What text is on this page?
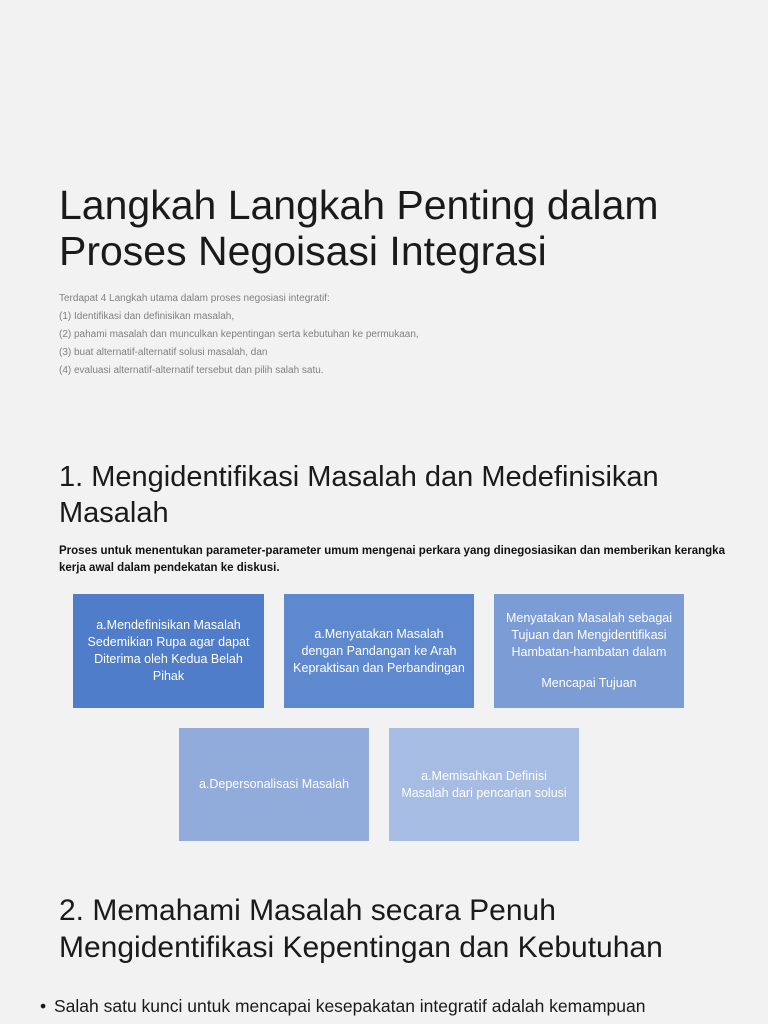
Langkah Langkah Penting dalam Proses Negoisasi Integrasi
Terdapat 4 Langkah utama dalam proses negosiasi integratif:
(1) Identifikasi dan definisikan masalah,
(2) pahami masalah dan munculkan kepentingan serta kebutuhan ke permukaan,
(3) buat alternatif-alternatif solusi masalah, dan
(4) evaluasi alternatif-alternatif tersebut dan pilih salah satu.
1. Mengidentifikasi Masalah dan Medefinisikan Masalah
Proses untuk menentukan parameter-parameter umum mengenai perkara yang dinegosiasikan dan memberikan kerangka kerja awal dalam pendekatan ke diskusi.
a.Mendefinisikan Masalah Sedemikian Rupa agar dapat Diterima oleh Kedua Belah Pihak
a.Menyatakan Masalah dengan Pandangan ke Arah Kepraktisan dan Perbandingan
Menyatakan Masalah sebagai Tujuan dan Mengidentifikasi Hambatan-hambatan dalam
Mencapai Tujuan
a.Depersonalisasi Masalah
a.Memisahkan Definisi Masalah dari pencarian solusi
2. Memahami Masalah secara Penuh Mengidentifikasi Kepentingan dan Kebutuhan
• Salah satu kunci untuk mencapai kesepakatan integratif adalah kemampuan
